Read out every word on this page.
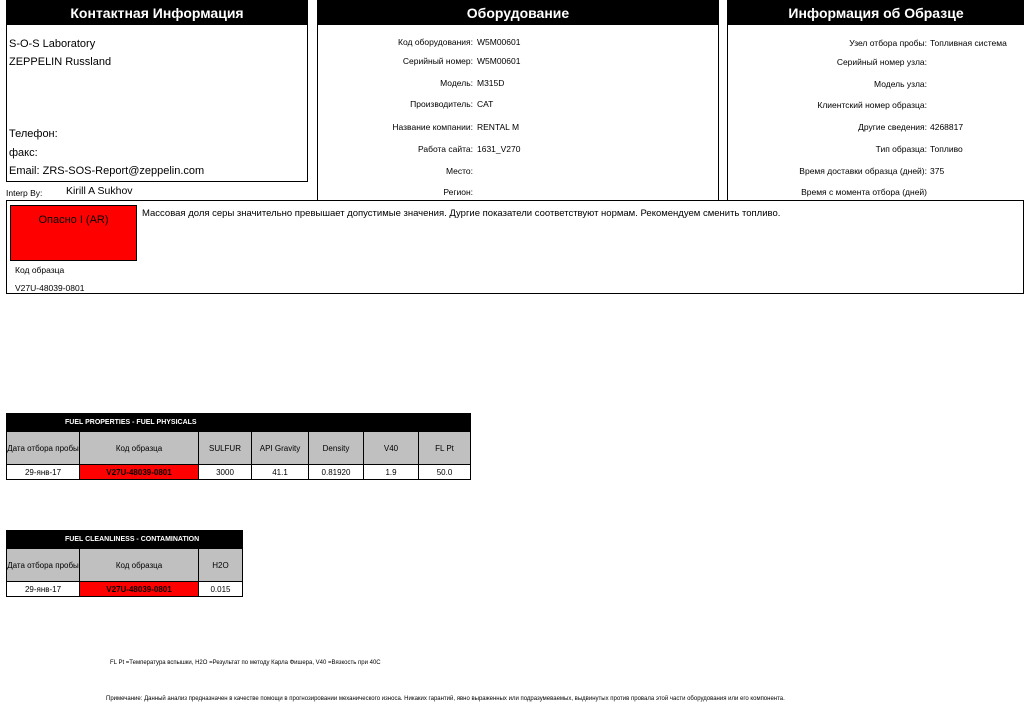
Контактная Информация
S-O-S Laboratory
ZEPPELIN Russland
Телефон:
факс:
Email: ZRS-SOS-Report@zeppelin.com
Оборудование
Код оборудования: W5M00601
Серийный номер: W5M00601
Модель: M315D
Производитель: CAT
Название компании: RENTAL M
Работа сайта: 1631_V270
Место:
Регион:
Информация об Образце
Узел отбора пробы: Топливная система
Серийный номер узла:
Модель узла:
Клиентский номер образца:
Другие сведения: 4268817
Тип образца: Топливо
Время доставки образца (дней): 375
Время с момента отбора (дней)
Interp By: Kirill A Sukhov
Опасно I (AR)
Массовая доля серы значительно превышает допустимые значения. Дургие показатели соответствуют нормам. Рекомендуем сменить топливо.
Код образца
V27U-48039-0801
FUEL PROPERTIES - FUEL PHYSICALS						
Дата отбора пробы	Код образца	SULFUR	API Gravity	Density	V40	FL Pt
29-янв-17	V27U-48039-0801	3000	41.1	0.81920	1.9	50.0
FUEL CLEANLINESS - CONTAMINATION		
Дата отбора пробы	Код образца	H2O
29-янв-17	V27U-48039-0801	0.015
FL Pt =Температура вспышки, H2O =Результат по методу Карла Фишера, V40 =Вязкость при 40C
Примечание: Данный анализ предназначен в качестве помощи в прогнозировании механического износа. Никаких гарантий, явно выраженных или подразумеваемых, выдвинутых против провала этой части оборудования или его компонента.
